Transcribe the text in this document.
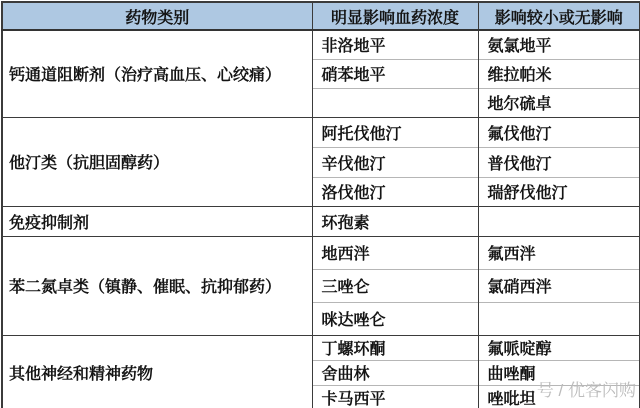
药物类别	明显影响血药浓度	影响较小或无影响
钙通道阻断剂（治疗高血压、心绞痛）	非洛地平	氨氯地平
	硝苯地平	维拉帕米
		地尔硫卓
他汀类（抗胆固醇药）	阿托伐他汀	氟伐他汀
	辛伐他汀	普伐他汀
	洛伐他汀	瑞舒伐他汀
免疫抑制剂	环孢素	
苯二氮卓类（镇静、催眠、抗抑郁药）	地西泮	氟西泮
	三唑仑	氯硝西泮
	咪达唑仑	
其他神经和精神药物	丁螺环酮	氟哌啶醇
	舍曲林	曲唑酮
	卡马西平	唑吡坦 号 / 优客闪购
